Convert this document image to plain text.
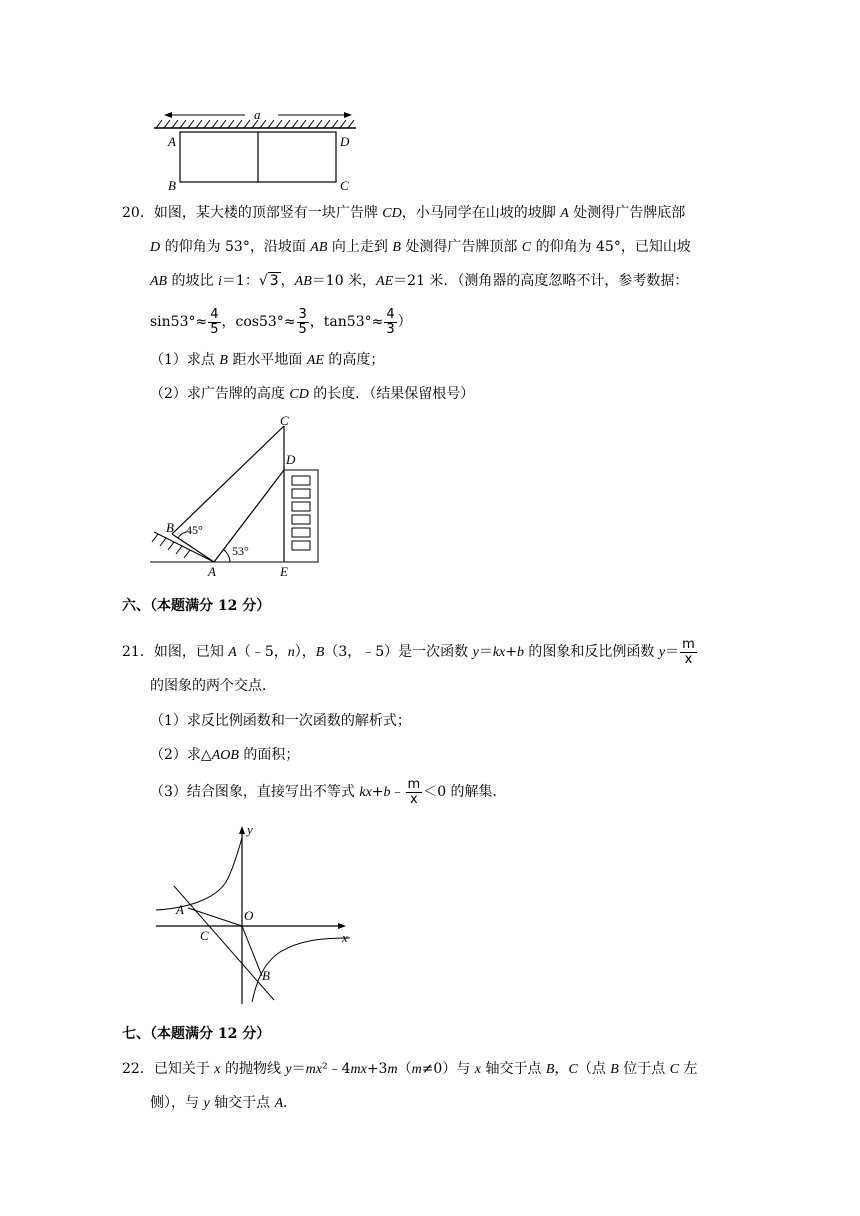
a
A
B	C
D
20．如图，某大楼的顶部竖有一块广告牌 CD，小马同学在山坡的坡脚 A 处测得广告牌底部
D 的仰角为 53°，沿坡面 AB 向上走到 B 处测得广告牌顶部 C 的仰角为 45°，已知山坡
AB 的坡比 i＝1：√ 3 ，AB＝10 米，AE＝21 米．（测角器的高度忽略不计，参考数据：
$\sin 53^\circ\approx \frac{4}{5}$ ，$\cos 53^\circ\approx \frac{3}{5}$ ，$\tan 53^\circ\approx \frac{4}{3}$ ）
（1）求点 B 距水平地面 AE 的高度；
（2）求广告牌的高度 CD 的长度．（结果保留根号）
C
D
B
A	E
45°
53°
六、（本题满分 12 分）
21．如图，已知 A（﹣5，n），B（3，﹣5）是一次函数 y＝kx+b 的图象和反比例函数 $y= \frac{m}{x}$
的图象的两个交点．
（1）求反比例函数和一次函数的解析式；
（2）求△AOB 的面积；
（3）结合图象，直接写出不等式 kx+b﹣ $\frac{m}{x} <0$ 的解集．
y
x
A	O
C
B
七、（本题满分 12 分）
22．已知关于 x 的抛物线 y＝mx²﹣4mx+3m（m≠0）与 x 轴交于点 B，C（点 B 位于点 C 左
侧），与 y 轴交于点 A．
